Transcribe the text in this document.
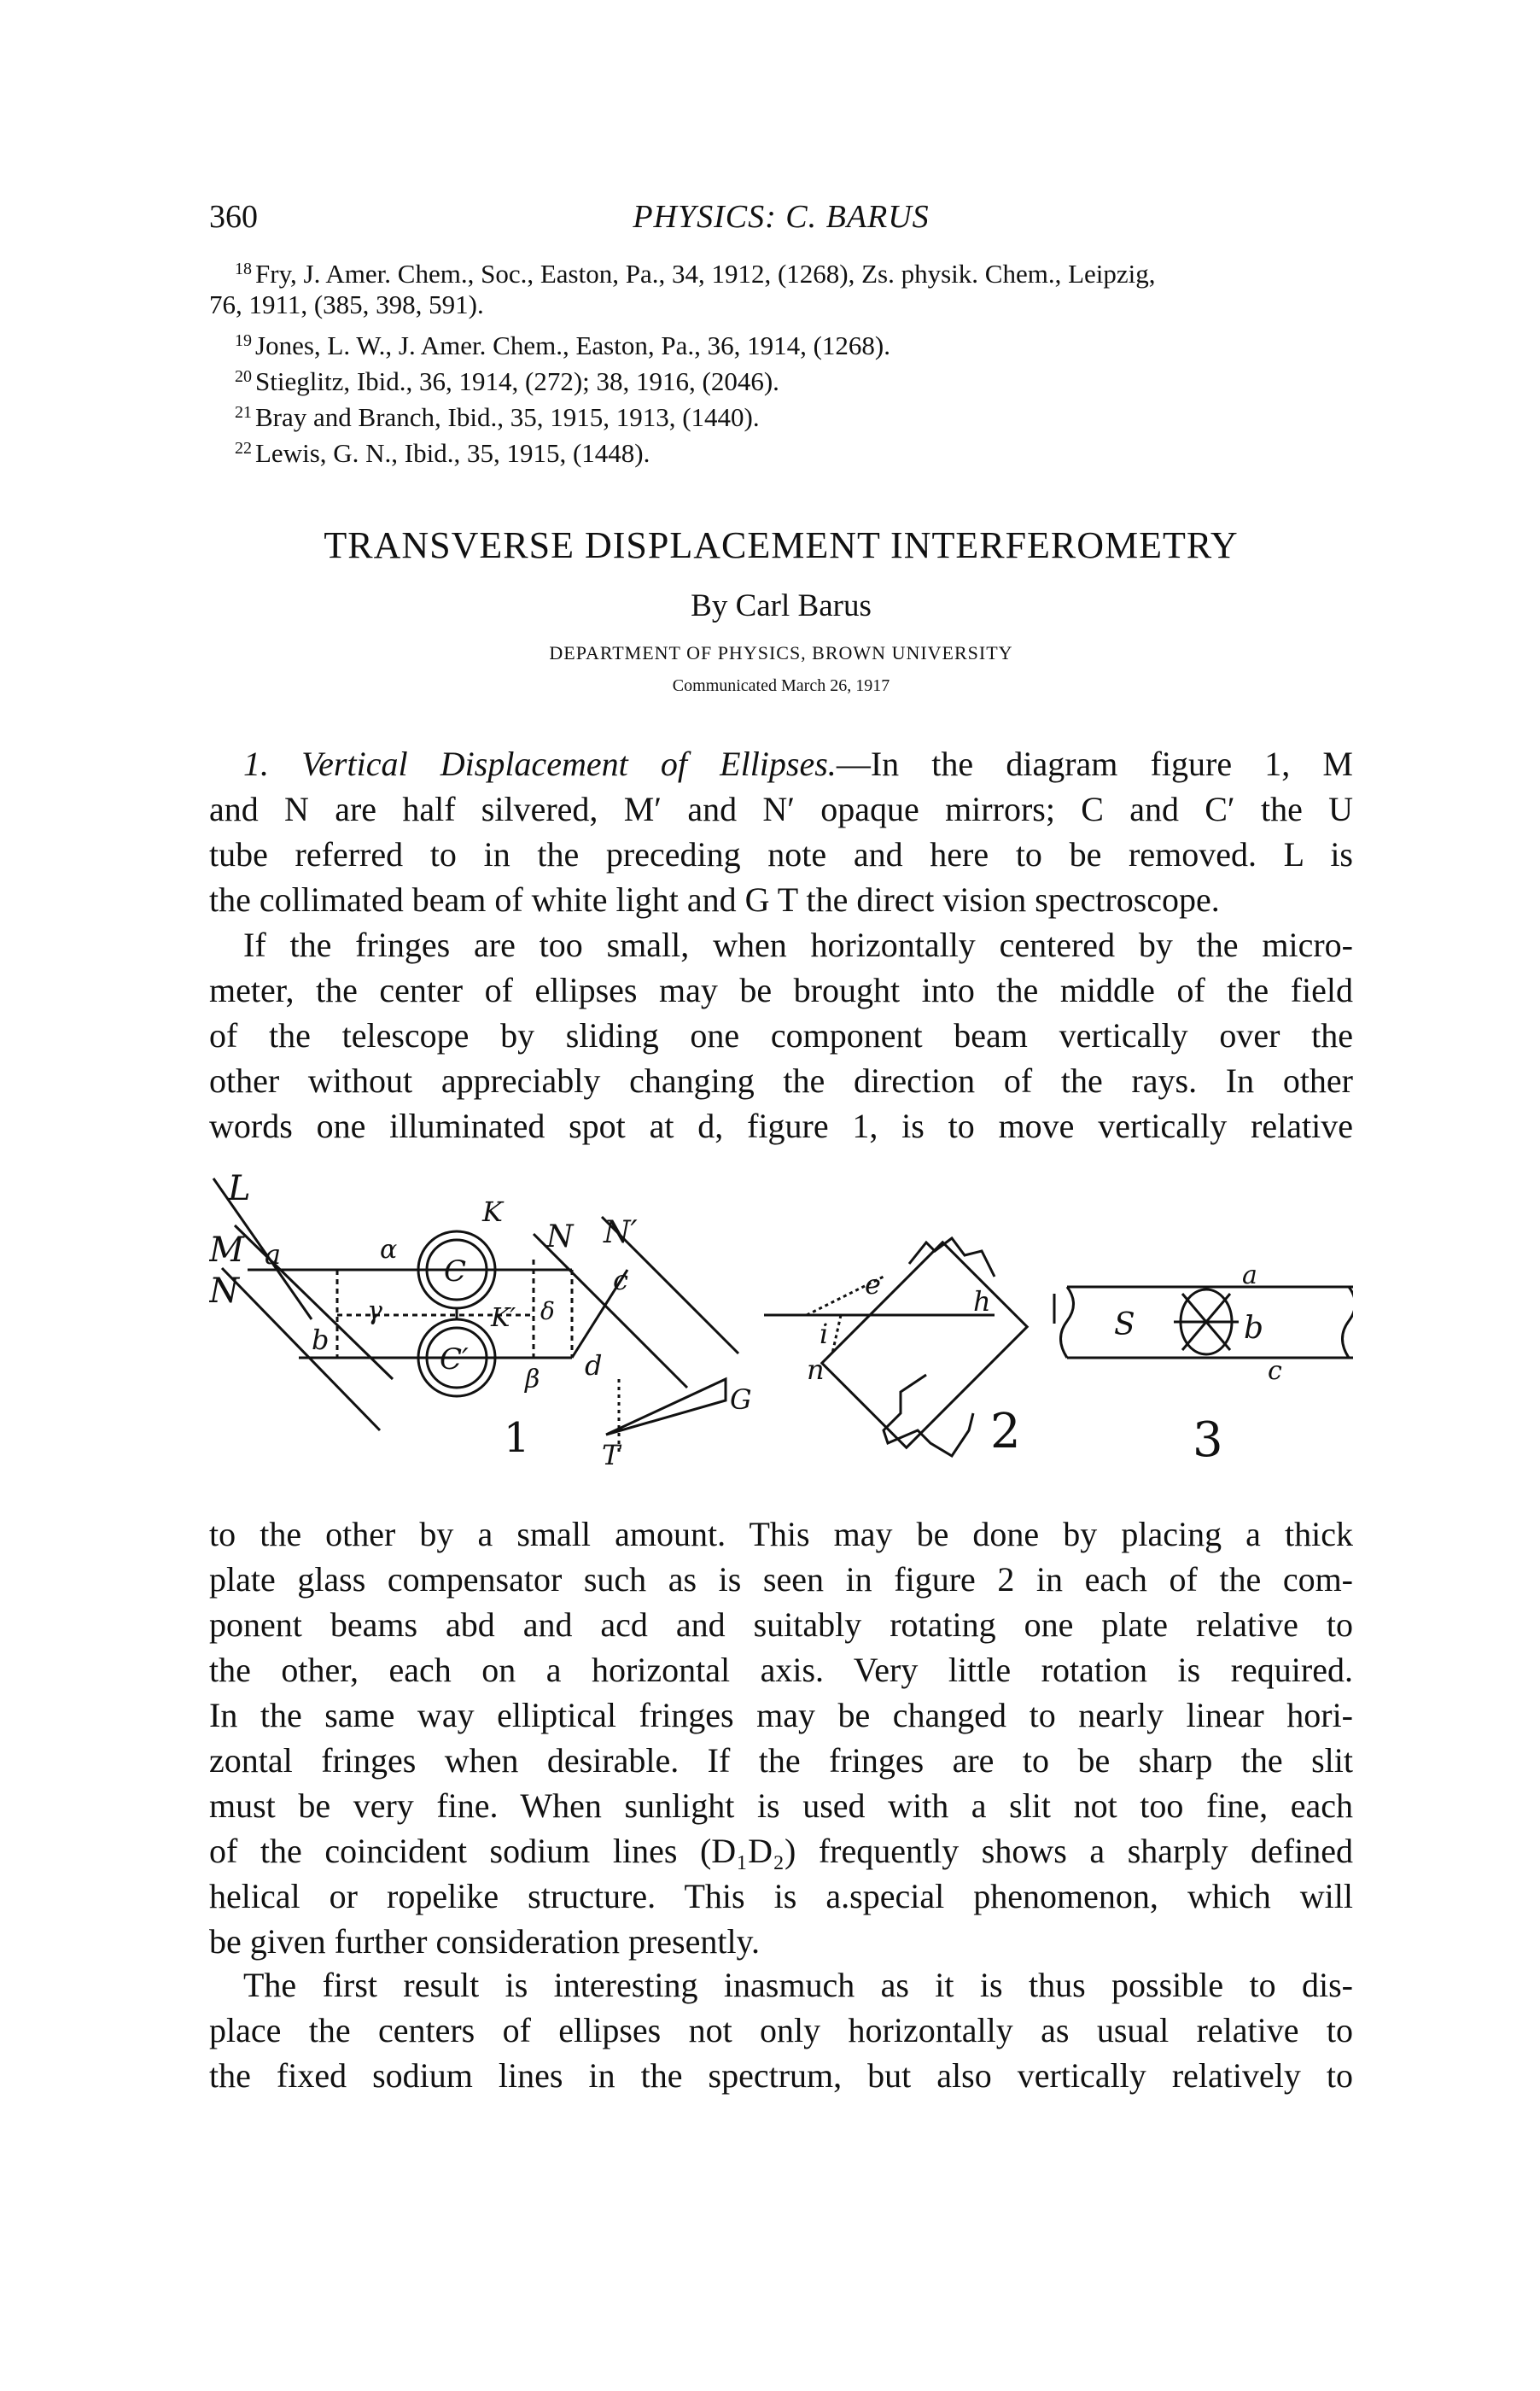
360	PHYSICS: C. BARUS
$^{18}$ Fry, J. Amer. Chem., Soc., Easton, Pa., 34, 1912, (1268), Zs. physik. Chem., Leipzig,
76, 1911, (385, 398, 591).
$^{19}$ Jones, L. W., J. Amer. Chem., Easton, Pa., 36, 1914, (1268).
$^{20}$ Stieglitz, Ibid., 36, 1914, (272); 38, 1916, (2046).
$^{21}$ Bray and Branch, Ibid., 35, 1915, 1913, (1440).
$^{22}$ Lewis, G. N., Ibid., 35, 1915, (1448).
TRANSVERSE DISPLACEMENT INTERFEROMETRY
By Carl Barus
DEPARTMENT OF PHYSICS, BROWN UNIVERSITY
Communicated March 26, 1917
1. Vertical Displacement of Ellipses.—In the diagram figure 1, M
and N are half silvered, M′ and N′ opaque mirrors; C and C′ the U
tube referred to in the preceding note and here to be removed. L is
the collimated beam of white light and G T the direct vision spectroscope.
If the fringes are too small, when horizontally centered by the micro-
meter, the center of ellipses may be brought into the middle of the field
of the telescope by sliding one component beam vertically over the
other without appreciably changing the direction of the rays. In other
words one illuminated spot at d, figure 1, is to move vertically relative
M
N
L
a
b
c
d
C
C′
K
K′
α
β
γ	δ
N N′
G
T
1
e
i
n
h
2
S
a
b
c
3
to the other by a small amount. This may be done by placing a thick
plate glass compensator such as is seen in figure 2 in each of the com-
ponent beams abd and acd and suitably rotating one plate relative to
the other, each on a horizontal axis. Very little rotation is required.
In the same way elliptical fringes may be changed to nearly linear hori-
zontal fringes when desirable. If the fringes are to be sharp the slit
must be very fine. When sunlight is used with a slit not too fine, each
of the coincident sodium lines (D₁D₂) frequently shows a sharply defined
helical or ropelike structure. This is a.special phenomenon, which will
be given further consideration presently.
The first result is interesting inasmuch as it is thus possible to dis-
place the centers of ellipses not only horizontally as usual relative to
the fixed sodium lines in the spectrum, but also vertically relatively to
